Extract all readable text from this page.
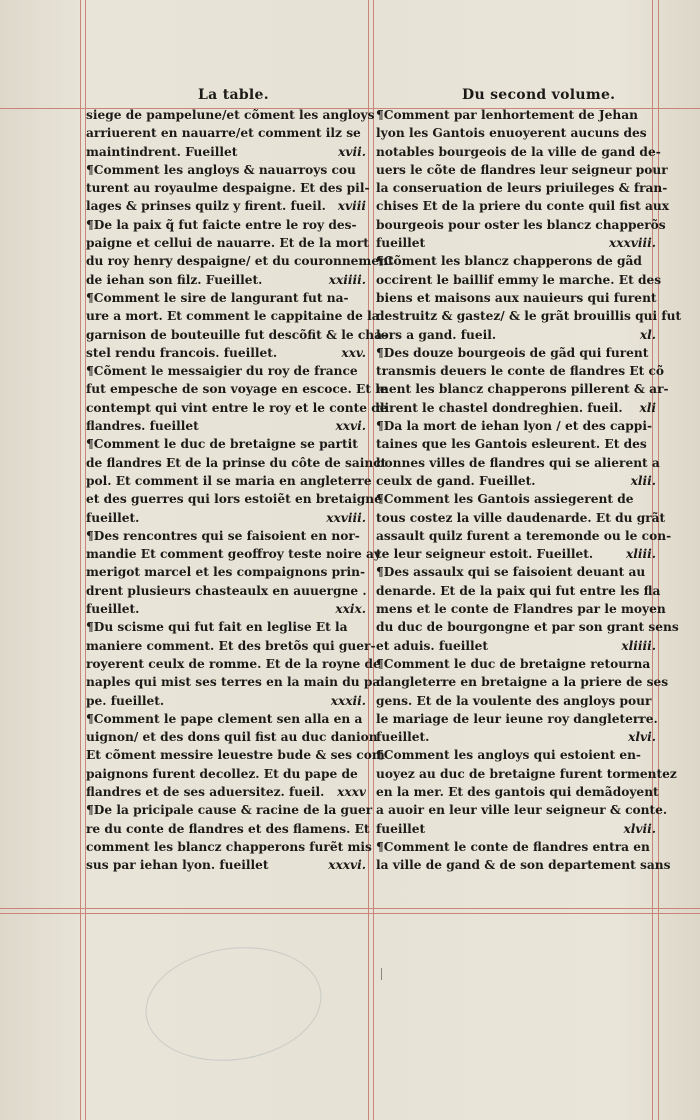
La table.	Du second volume.
siege de pampelune/et cõment les angloys
arriuerent en nauarre/et comment ilz se
maintindrent. Fueillet	xvii.
¶Comment les angloys & nauarroys cou
turent au royaulme despaigne. Et des pil-
lages & prinses quilz y firent. fueil. xviii
¶De la paix q̃ fut faicte entre le roy des-
paigne et cellui de nauarre. Et de la mort
du roy henry despaigne/ et du couronnement
de iehan son filz. Fueillet.	xxiiii.
¶Comment le sire de langurant fut na-
ure a mort. Et comment le cappitaine de la
garnison de bouteuille fut descõfit & le cha-
stel rendu francois. fueillet.	xxv.
¶Cõment le messaigier du roy de france
fut empesche de son voyage en escoce. Et le
contempt qui vint entre le roy et le conte de
flandres. fueillet	xxvi.
¶Comment le duc de bretaigne se partit
de flandres Et de la prinse du côte de sainct
pol. Et comment il se maria en angleterre
et des guerres qui lors estoiẽt en bretaigne
fueillet.	xxviii.
¶Des rencontres qui se faisoient en nor-
mandie Et comment geoffroy teste noire ay
merigot marcel et les compaignons prin-
drent plusieurs chasteaulx en auuergne .
fueillet.	xxix.
¶Du scisme qui fut fait en leglise Et la
maniere comment. Et des bretõs qui guer-
royerent ceulx de romme. Et de la royne de
naples qui mist ses terres en la main du pa
pe. fueillet.	xxxii.
¶Comment le pape clement sen alla en a
uignon/ et des dons quil fist au duc danion
Et cõment messire leuestre bude & ses com
paignons furent decollez. Et du pape de
flandres et de ses aduersitez. fueil. xxxv
¶De la pricipale cause & racine de la guer
re du conte de flandres et des flamens. Et
comment les blancz chapperons furẽt mis
sus par iehan lyon. fueillet	xxxvi.
¶Comment par lenhortement de Jehan
lyon les Gantois enuoyerent aucuns des
notables bourgeois de la ville de gand de-
uers le cõte de flandres leur seigneur pour
la conseruation de leurs priuileges & fran-
chises Et de la priere du conte quil fist aux
bourgeois pour oster les blancz chapperõs
fueillet	xxxviii.
¶Cõment les blancz chapperons de gãd
occirent le baillif emmy le marche. Et des
biens et maisons aux nauieurs qui furent
destruitz & gastez/ & le grãt brouillis qui fut
lors a gand. fueil.	xl.
¶Des douze bourgeois de gãd qui furent
transmis deuers le conte de flandres Et cõ
ment les blancz chapperons pillerent & ar-
dirent le chastel dondreghien. fueil. xli
¶Da la mort de iehan lyon / et des cappi-
taines que les Gantois esleurent. Et des
bonnes villes de flandres qui se alierent a
ceulx de gand. Fueillet.	xlii.
¶Comment les Gantois assiegerent de
tous costez la ville daudenarde. Et du grãt
assault quilz furent a teremonde ou le con-
te leur seigneur estoit. Fueillet.	xliii.
¶Des assaulx qui se faisoient deuant au
denarde. Et de la paix qui fut entre les fla
mens et le conte de Flandres par le moyen
du duc de bourgongne et par son grant sens
et aduis. fueillet	xliiii.
¶Comment le duc de bretaigne retourna
dangleterre en bretaigne a la priere de ses
gens. Et de la voulente des angloys pour
le mariage de leur ieune roy dangleterre.
fueillet.	xlvi.
¶Comment les angloys qui estoient en-
uoyez au duc de bretaigne furent tormentez
en la mer. Et des gantois qui demãdoyent
a auoir en leur ville leur seigneur & conte.
fueillet	xlvii.
¶Comment le conte de flandres entra en
la ville de gand & de son departement sans
